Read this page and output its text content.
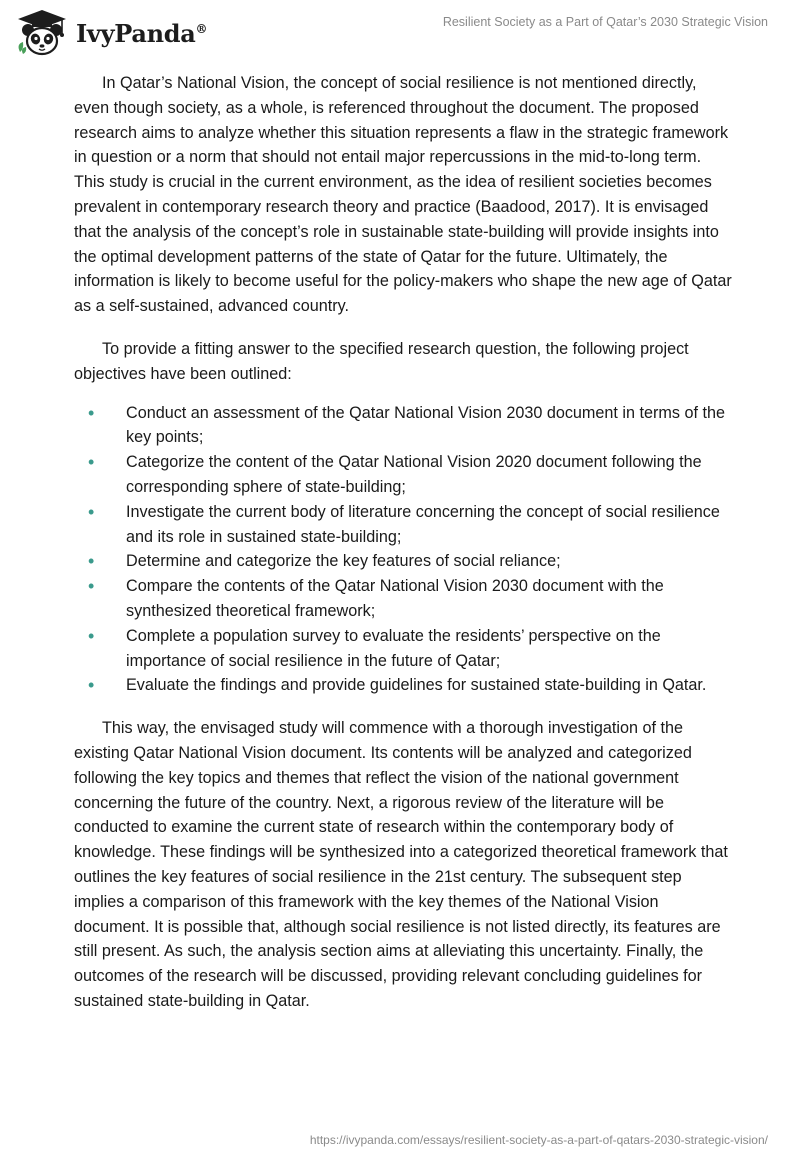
IvyPanda®	Resilient Society as a Part of Qatar’s 2030 Strategic Vision

In Qatar’s National Vision, the concept of social resilience is not mentioned directly, even though society, as a whole, is referenced throughout the document. The proposed research aims to analyze whether this situation represents a flaw in the strategic framework in question or a norm that should not entail major repercussions in the mid-to-long term. This study is crucial in the current environment, as the idea of resilient societies becomes prevalent in contemporary research theory and practice (Baadood, 2017). It is envisaged that the analysis of the concept’s role in sustainable state-building will provide insights into the optimal development patterns of the state of Qatar for the future. Ultimately, the information is likely to become useful for the policy-makers who shape the new age of Qatar as a self-sustained, advanced country.

To provide a fitting answer to the specified research question, the following project objectives have been outlined:

• Conduct an assessment of the Qatar National Vision 2030 document in terms of the key points;
• Categorize the content of the Qatar National Vision 2020 document following the corresponding sphere of state-building;
• Investigate the current body of literature concerning the concept of social resilience and its role in sustained state-building;
• Determine and categorize the key features of social reliance;
• Compare the contents of the Qatar National Vision 2030 document with the synthesized theoretical framework;
• Complete a population survey to evaluate the residents’ perspective on the importance of social resilience in the future of Qatar;
• Evaluate the findings and provide guidelines for sustained state-building in Qatar.

This way, the envisaged study will commence with a thorough investigation of the existing Qatar National Vision document. Its contents will be analyzed and categorized following the key topics and themes that reflect the vision of the national government concerning the future of the country. Next, a rigorous review of the literature will be conducted to examine the current state of research within the contemporary body of knowledge. These findings will be synthesized into a categorized theoretical framework that outlines the key features of social resilience in the 21st century. The subsequent step implies a comparison of this framework with the key themes of the National Vision document. It is possible that, although social resilience is not listed directly, its features are still present. As such, the analysis section aims at alleviating this uncertainty. Finally, the outcomes of the research will be discussed, providing relevant concluding guidelines for sustained state-building in Qatar.

https://ivypanda.com/essays/resilient-society-as-a-part-of-qatars-2030-strategic-vision/
